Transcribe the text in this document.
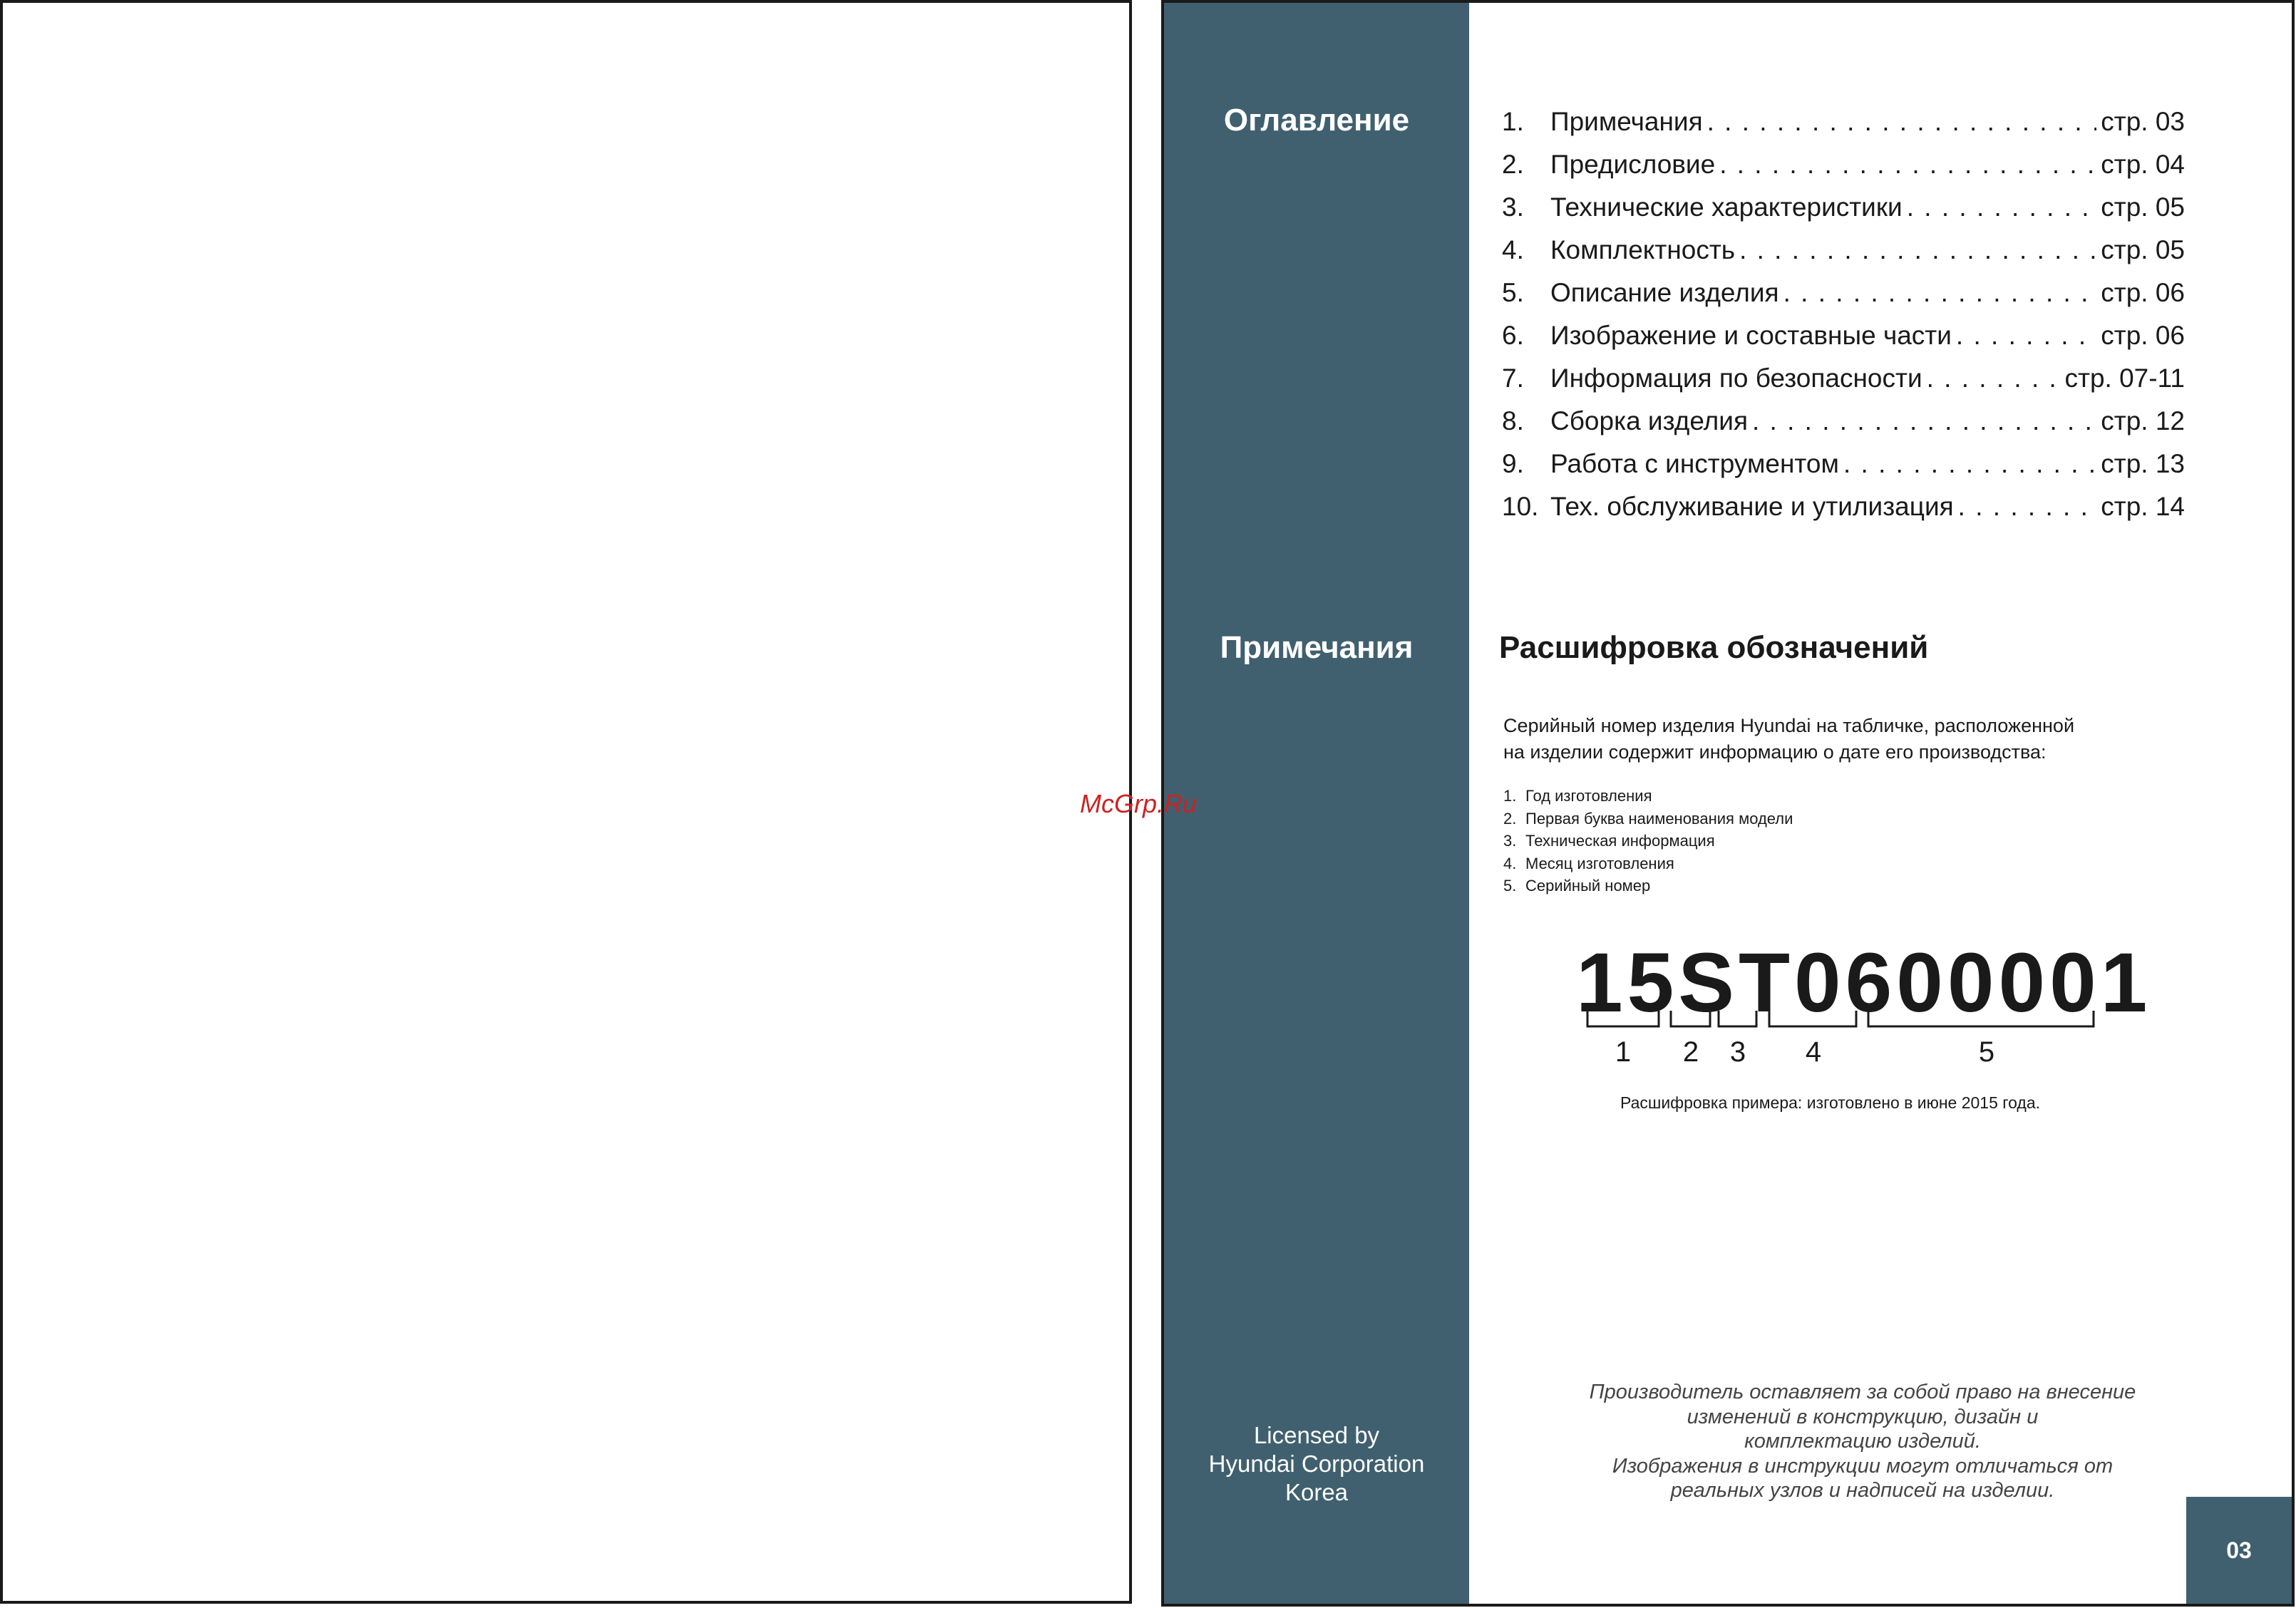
Оглавление
Примечания
Licensed by
Hyundai Corporation
Korea
1.	Примечания . . .	стр. 03
2.	Предисловие . . .	стр. 04
3.	Технические характеристики . . .	стр. 05
4.	Комплектность . . .	стр. 05
5.	Описание изделия . . .	стр. 06
6.	Изображение и составные части . . .	стр. 06
7.	Информация по безопасности . . .	стр. 07-11
8.	Сборка изделия . . .	стр. 12
9.	Работа с инструментом . . .	стр. 13
10. Тех. обслуживание и утилизация . . .	стр. 14
Расшифровка обозначений
Серийный номер изделия Hyundai на табличке, расположенной
на изделии содержит информацию о дате его производства:
1. Год изготовления
2. Первая буква наименования модели
3. Техническая информация
4. Месяц изготовления
5. Серийный номер
15ST0600001
1	2	3	4	5
Расшифровка примера: изготовлено в июне 2015 года.
Производитель оставляет за собой право на внесение
изменений в конструкцию, дизайн и
комплектацию изделий.
Изображения в инструкции могут отличаться от
реальных узлов и надписей на изделии.
03
McGrp.Ru
